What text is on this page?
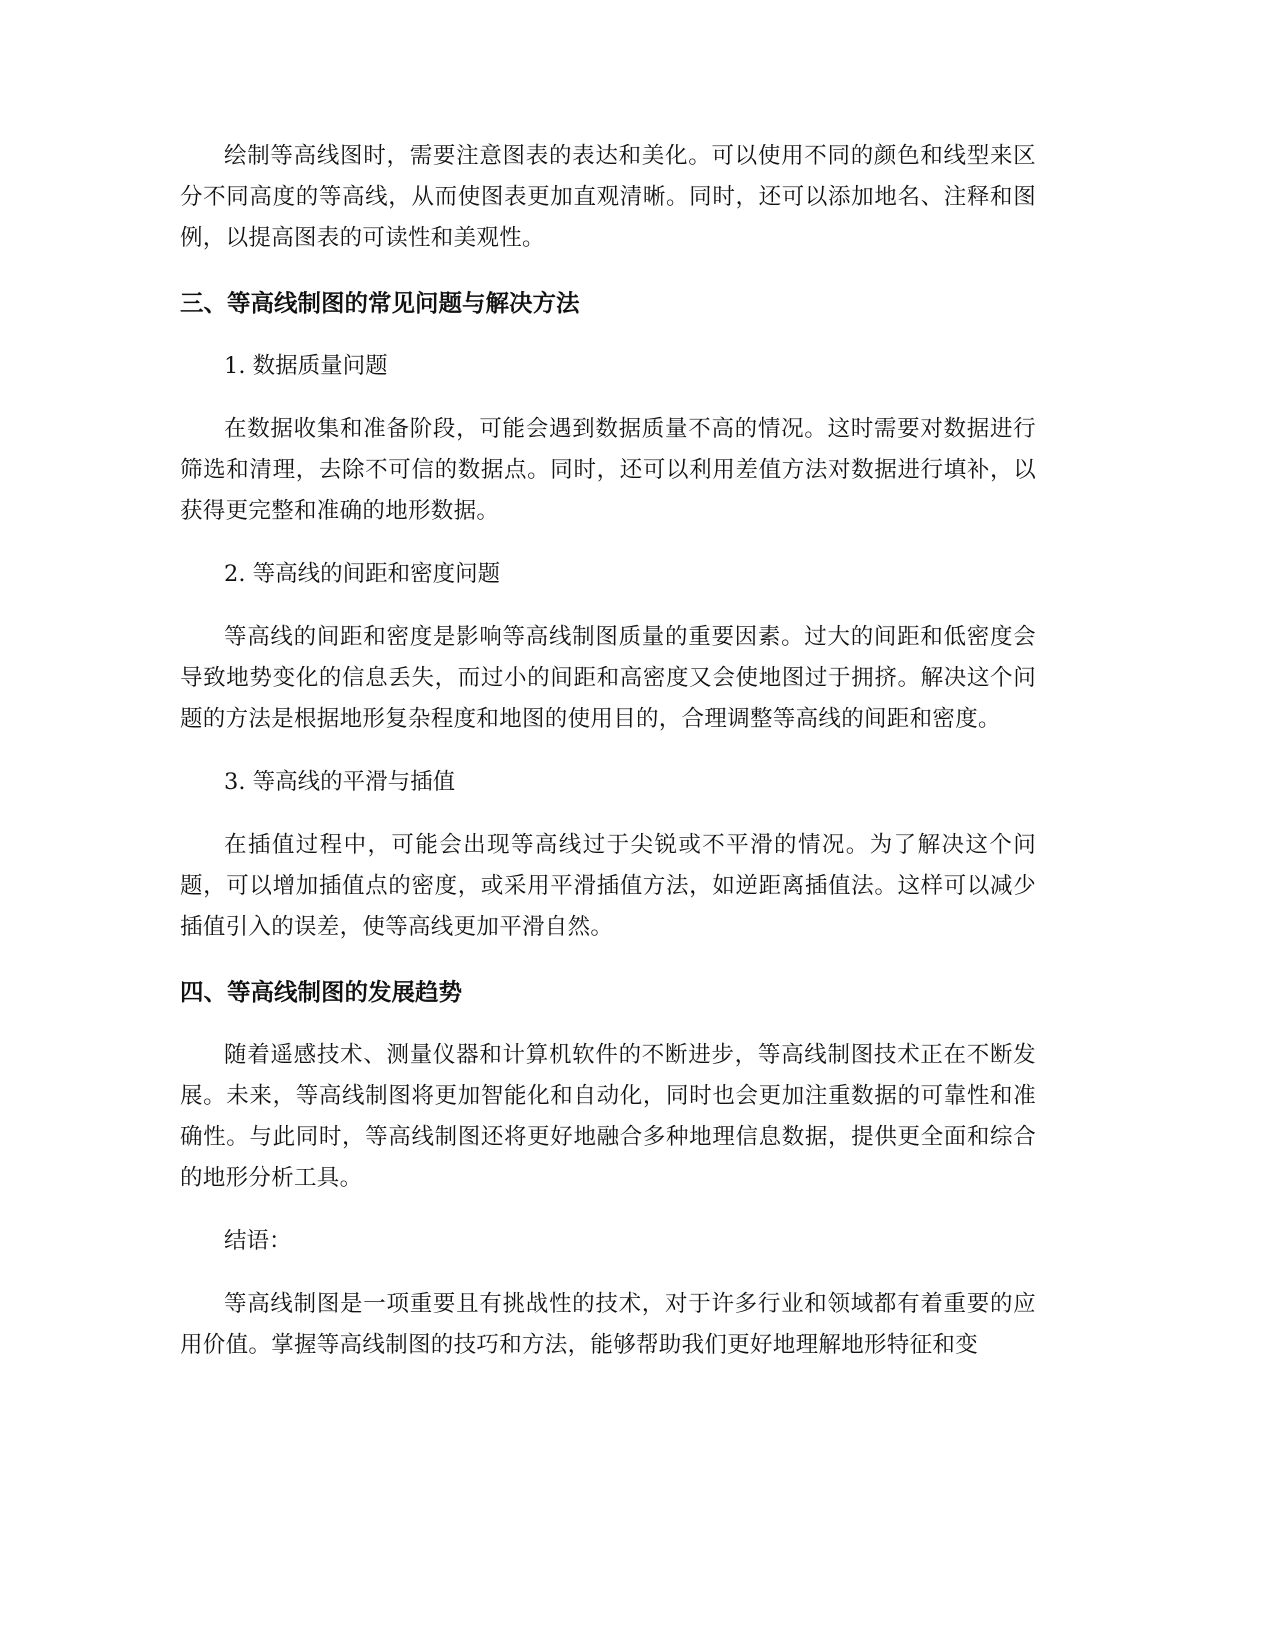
绘制等高线图时，需要注意图表的表达和美化。可以使用不同的颜色和线型来区分不同高度的等高线，从而使图表更加直观清晰。同时，还可以添加地名、注释和图例，以提高图表的可读性和美观性。

三、等高线制图的常见问题与解决方法

1. 数据质量问题

在数据收集和准备阶段，可能会遇到数据质量不高的情况。这时需要对数据进行筛选和清理，去除不可信的数据点。同时，还可以利用差值方法对数据进行填补，以获得更完整和准确的地形数据。

2. 等高线的间距和密度问题

等高线的间距和密度是影响等高线制图质量的重要因素。过大的间距和低密度会导致地势变化的信息丢失，而过小的间距和高密度又会使地图过于拥挤。解决这个问题的方法是根据地形复杂程度和地图的使用目的，合理调整等高线的间距和密度。

3. 等高线的平滑与插值

在插值过程中，可能会出现等高线过于尖锐或不平滑的情况。为了解决这个问题，可以增加插值点的密度，或采用平滑插值方法，如逆距离插值法。这样可以减少插值引入的误差，使等高线更加平滑自然。

四、等高线制图的发展趋势

随着遥感技术、测量仪器和计算机软件的不断进步，等高线制图技术正在不断发展。未来，等高线制图将更加智能化和自动化，同时也会更加注重数据的可靠性和准确性。与此同时，等高线制图还将更好地融合多种地理信息数据，提供更全面和综合的地形分析工具。

结语：

等高线制图是一项重要且有挑战性的技术，对于许多行业和领域都有着重要的应用价值。掌握等高线制图的技巧和方法，能够帮助我们更好地理解地形特征和变
